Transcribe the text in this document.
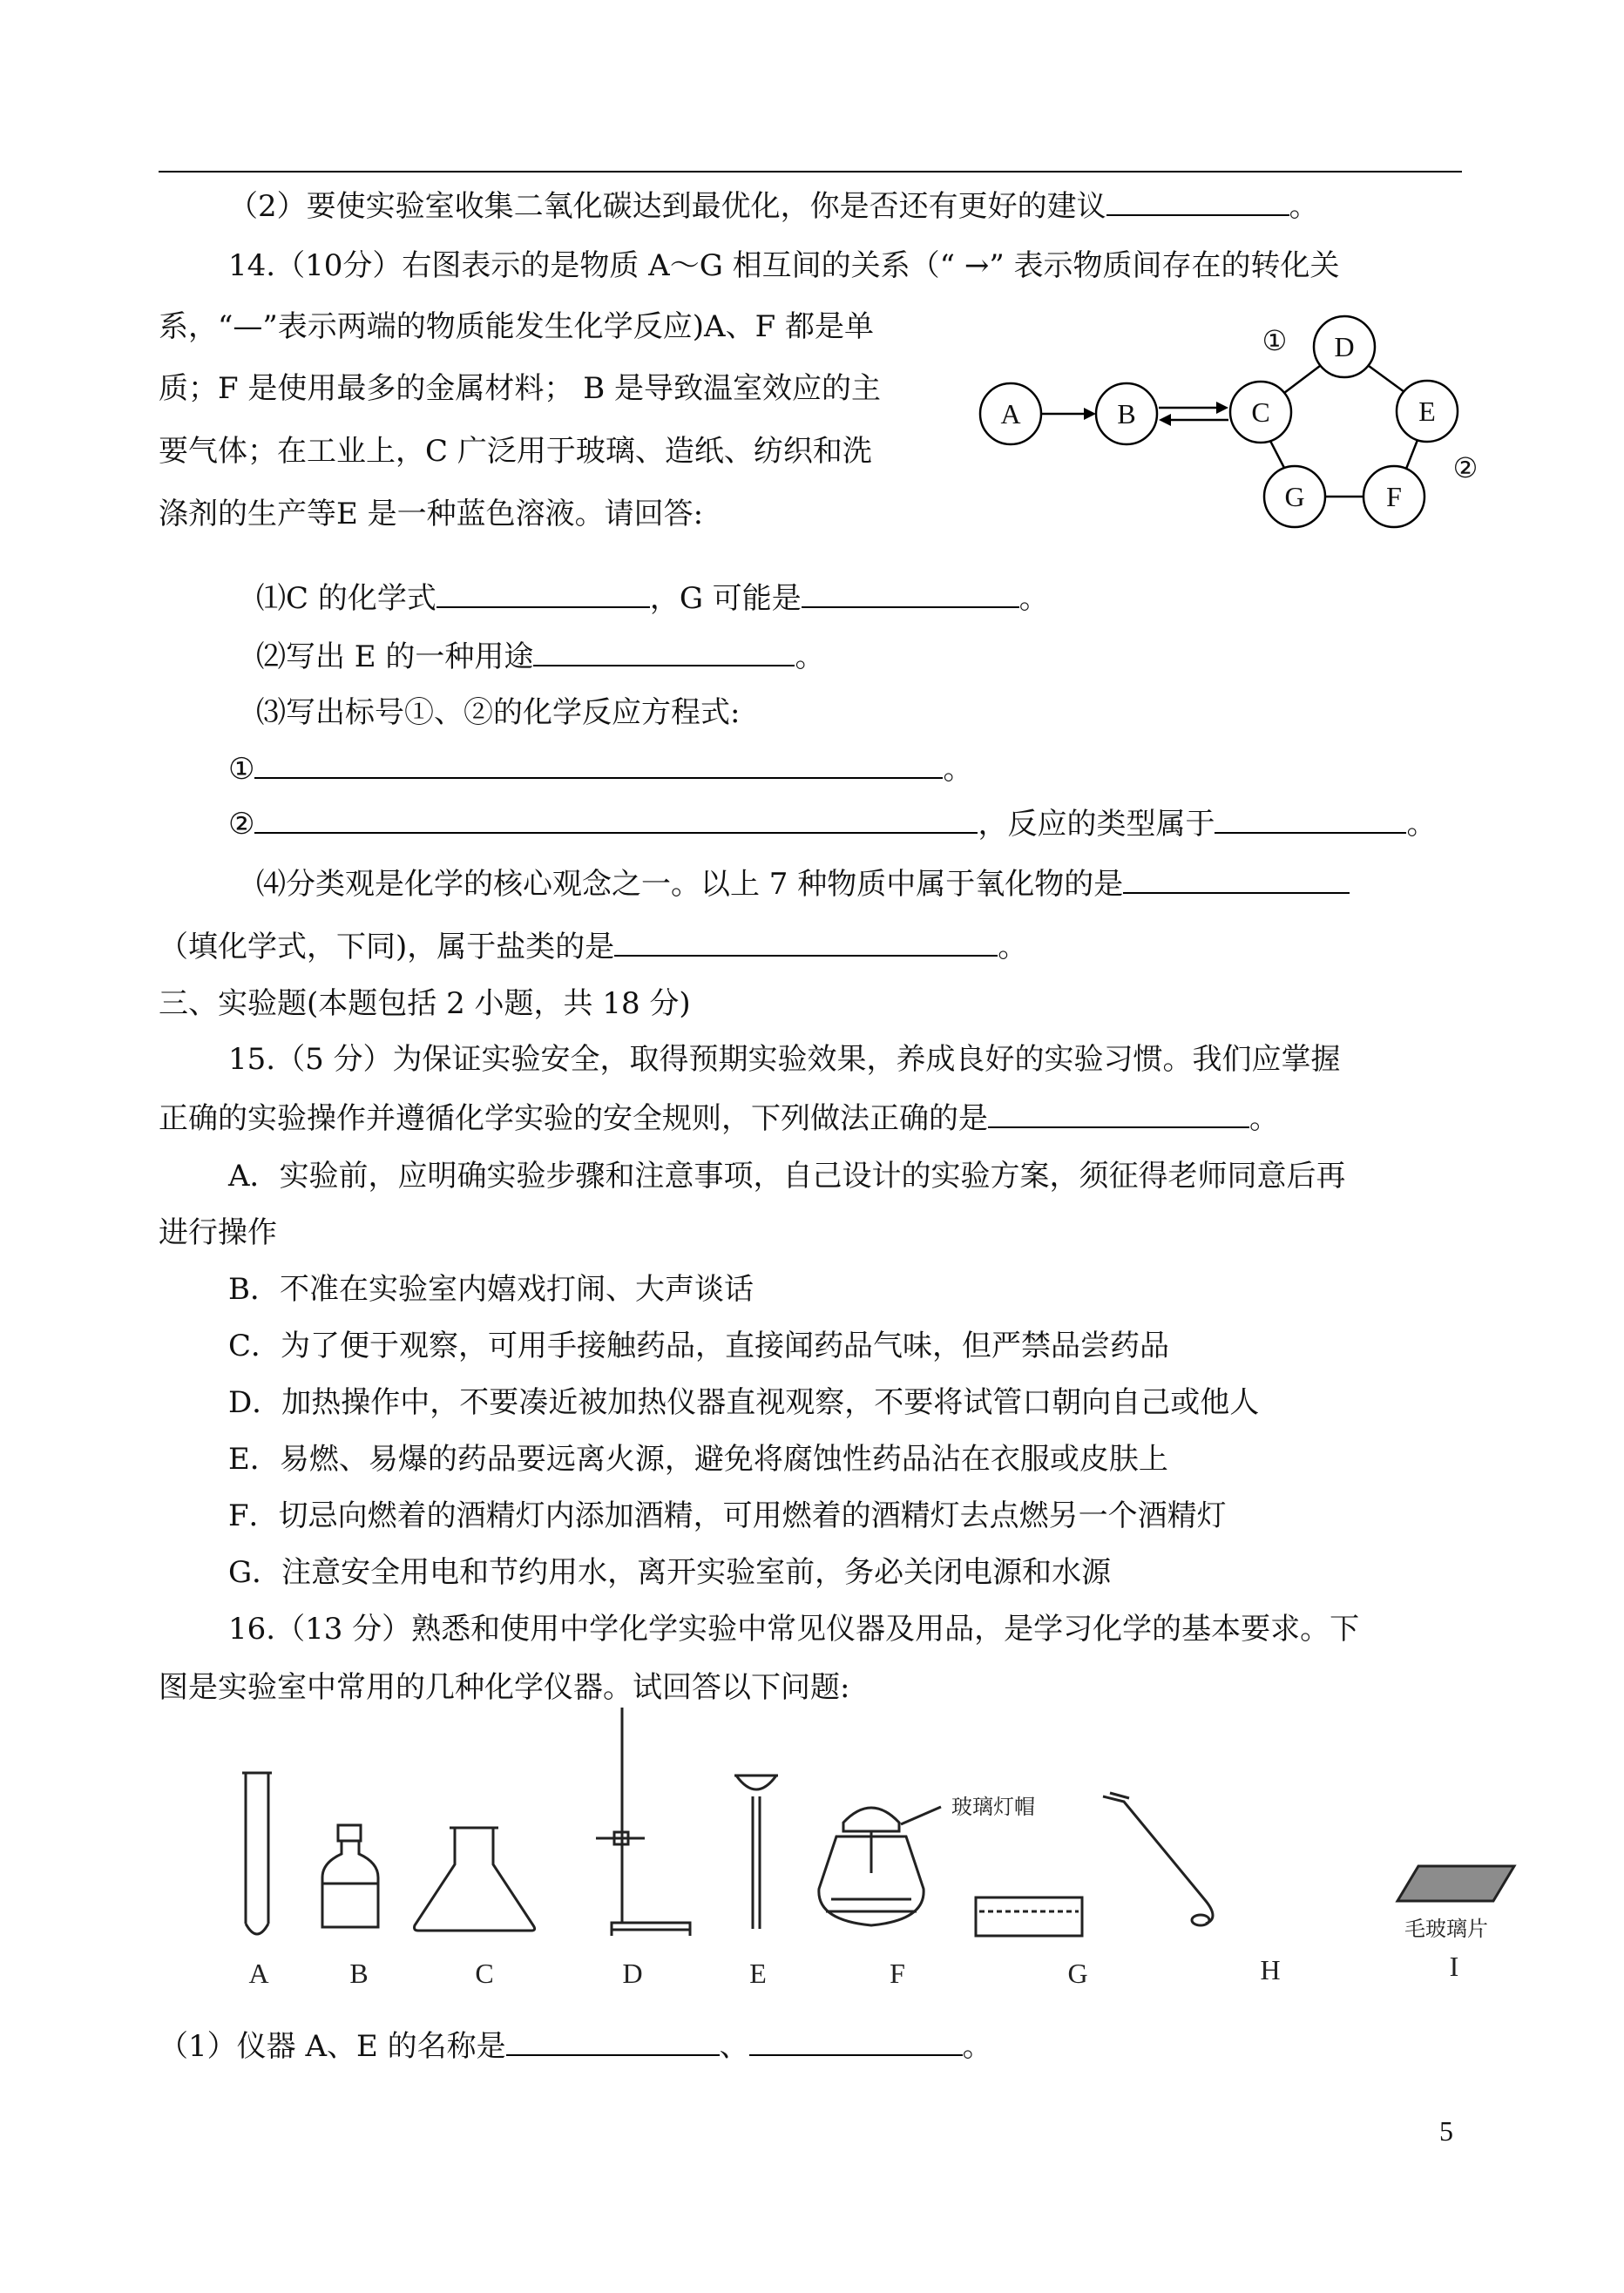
（2）要使实验室收集二氧化碳达到最优化，你是否还有更好的建议	。
14.（10分）右图表示的是物质 A～G 相互间的关系（“ →” 表示物质间存在的转化关
系，“—”表示两端的物质能发生化学反应)A、F 都是单
质；F 是使用最多的金属材料； B 是导致温室效应的主
要气体；在工业上，C 广泛用于玻璃、造纸、纺织和洗
涤剂的生产等E 是一种蓝色溶液。请回答:
A	B	C
D
E
F
G
①
②
⑴C 的化学式	，G 可能是	。
⑵写出 E 的一种用途	。
⑶写出标号①、②的化学反应方程式:
①	。
②	，反应的类型属于	。
⑷分类观是化学的核心观念之一。以上 7 种物质中属于氧化物的是
（填化学式，下同)，属于盐类的是	。
三、实验题(本题包括 2 小题，共 18 分)
15.（5 分）为保证实验安全，取得预期实验效果，养成良好的实验习惯。我们应掌握
正确的实验操作并遵循化学实验的安全规则，下列做法正确的是	。
A．实验前，应明确实验步骤和注意事项，自己设计的实验方案，须征得老师同意后再
进行操作
B．不准在实验室内嬉戏打闹、大声谈话
C．为了便于观察，可用手接触药品，直接闻药品气味，但严禁品尝药品
D．加热操作中，不要凑近被加热仪器直视观察，不要将试管口朝向自己或他人
E．易燃、易爆的药品要远离火源，避免将腐蚀性药品沾在衣服或皮肤上
F．切忌向燃着的酒精灯内添加酒精，可用燃着的酒精灯去点燃另一个酒精灯
G．注意安全用电和节约用水，离开实验室前，务必关闭电源和水源
16.（13 分）熟悉和使用中学化学实验中常见仪器及用品，是学习化学的基本要求。下
图是实验室中常用的几种化学仪器。试回答以下问题:
玻璃灯帽
毛玻璃片
A	B	C	D	E	F	G	H	I
（1）仪器 A、E 的名称是	、	。
5
